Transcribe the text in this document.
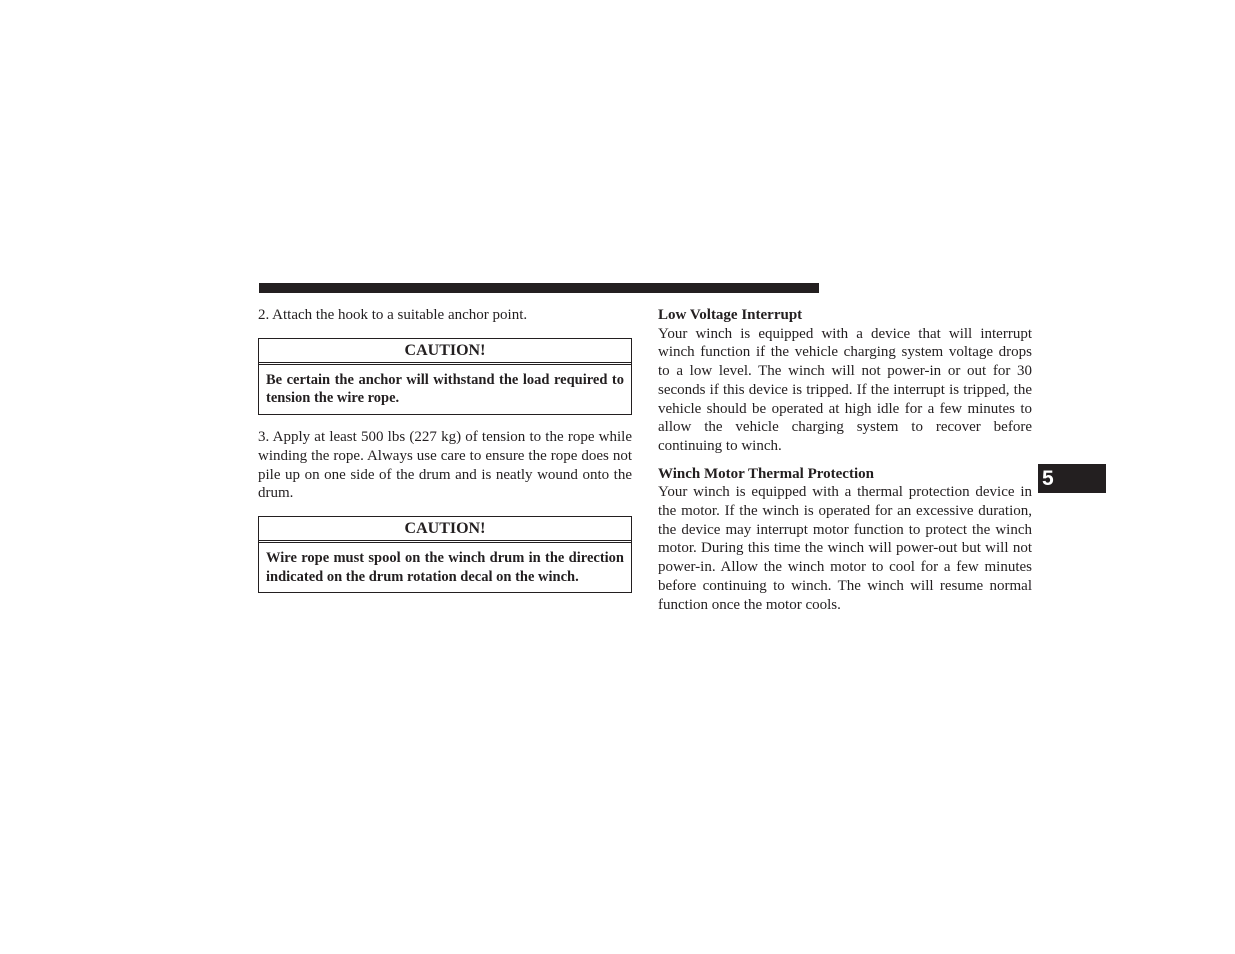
2. Attach the hook to a suitable anchor point.

CAUTION!
Be certain the anchor will withstand the load required to tension the wire rope.

3. Apply at least 500 lbs (227 kg) of tension to the rope while winding the rope. Always use care to ensure the rope does not pile up on one side of the drum and is neatly wound onto the drum.

CAUTION!
Wire rope must spool on the winch drum in the direction indicated on the drum rotation decal on the winch.

Low Voltage Interrupt

Your winch is equipped with a device that will interrupt winch function if the vehicle charging system voltage drops to a low level. The winch will not power-in or out for 30 seconds if this device is tripped. If the interrupt is tripped, the vehicle should be operated at high idle for a few minutes to allow the vehicle charging system to recover before continuing to winch.

Winch Motor Thermal Protection

Your winch is equipped with a thermal protection device in the motor. If the winch is operated for an excessive duration, the device may interrupt motor function to protect the winch motor. During this time the winch will power-out but will not power-in. Allow the winch motor to cool for a few minutes before continuing to winch. The winch will resume normal function once the motor cools.

5
